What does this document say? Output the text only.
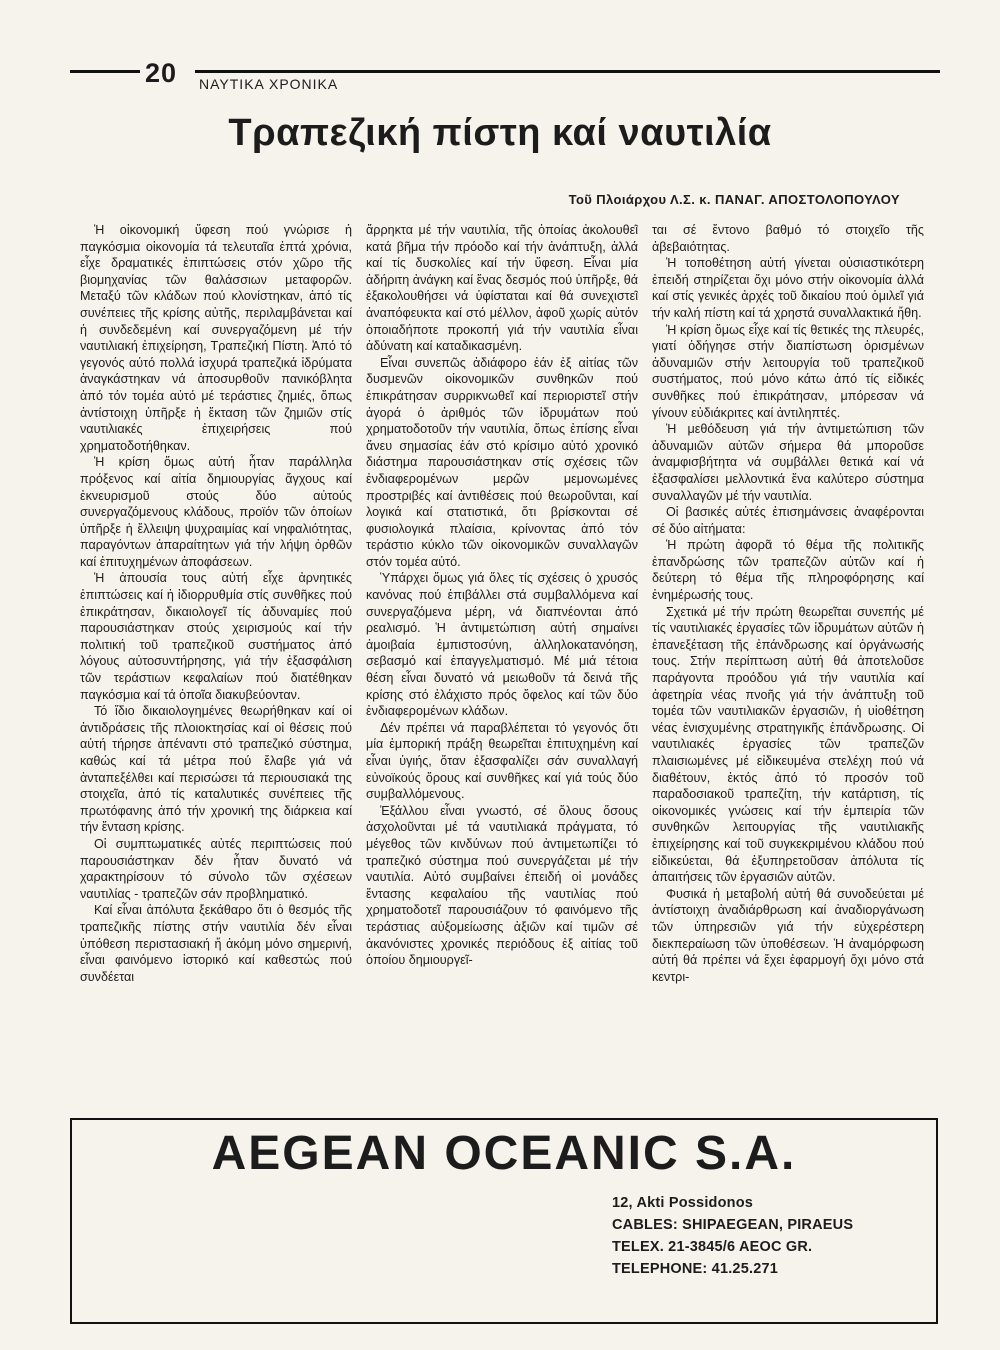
20 ΝΑΥΤΙΚΑ ΧΡΟΝΙΚΑ
Τραπεζική πίστη καί ναυτιλία
Τοῦ Πλοιάρχου Λ.Σ. κ. ΠΑΝΑΓ. ΑΠΟΣΤΟΛΟΠΟΥΛΟΥ

Ἡ οἰκονομική ὕφεση πού γνώρισε ἡ παγκόσμια οἰκονομία τά τελευταῖα ἑπτά χρόνια, εἶχε δραματικές ἐπιπτώσεις στόν χῶρο τῆς βιομηχανίας τῶν θαλάσσιων μεταφορῶν. Μεταξύ τῶν κλάδων πού κλονίστηκαν, ἀπό τίς συνέπειες τῆς κρίσης αὐτῆς, περιλαμβάνεται καί ἡ συνδεδεμένη καί συνεργαζόμενη μέ τήν ναυτιλιακή ἐπιχείρηση, Τραπεζική Πίστη. Ἀπό τό γεγονός αὐτό πολλά ἰσχυρά τραπεζικά ἱδρύματα ἀναγκάστηκαν νά ἀποσυρθοῦν πανικόβλητα ἀπό τόν τομέα αὐτό μέ τεράστιες ζημιές, ὅπως ἀντίστοιχη ὑπῆρξε ἡ ἔκταση τῶν ζημιῶν στίς ναυτιλιακές ἐπιχειρήσεις πού χρηματοδοτήθηκαν.

Ἡ κρίση ὅμως αὐτή ἦταν παράλληλα πρόξενος καί αἰτία δημιουργίας ἄγχους καί ἐκνευρισμοῦ στούς δύο αὐτούς συνεργαζόμενους κλάδους, προϊόν τῶν ὁποίων ὑπῆρξε ἡ ἔλλειψη ψυχραιμίας καί νηφαλιότητας, παραγόντων ἀπαραίτητων γιά τήν λήψη ὀρθῶν καί ἐπιτυχημένων ἀποφάσεων.

Ἡ ἀπουσία τους αὐτή εἶχε ἀρνητικές ἐπιπτώσεις καί ἡ ἰδιορρυθμία στίς συνθῆκες πού ἐπικράτησαν, δικαιολογεῖ τίς ἀδυναμίες πού παρουσιάστηκαν στούς χειρισμούς καί τήν πολιτική τοῦ τραπεζικοῦ συστήματος ἀπό λόγους αὐτοσυντήρησης, γιά τήν ἐξασφάλιση τῶν τεράστιων κεφαλαίων πού διατέθηκαν παγκόσμια καί τά ὁποῖα διακυβεύονταν.

Τό ἴδιο δικαιολογημένες θεωρήθηκαν καί οἱ ἀντιδράσεις τῆς πλοιοκτησίας καί οἱ θέσεις πού αὐτή τήρησε ἀπέναντι στό τραπεζικό σύστημα, καθώς καί τά μέτρα πού ἔλαβε γιά νά ἀνταπεξέλθει καί περισώσει τά περιουσιακά της στοιχεῖα, ἀπό τίς καταλυτικές συνέπειες τῆς πρωτόφανης ἀπό τήν χρονική της διάρκεια καί τήν ἔνταση κρίσης.

Οἱ συμπτωματικές αὐτές περιπτώσεις πού παρουσιάστηκαν δέν ἦταν δυνατό νά χαρακτηρίσουν τό σύνολο τῶν σχέσεων ναυτιλίας - τραπεζῶν σάν προβληματικό.

Καί εἶναι ἀπόλυτα ξεκάθαρο ὅτι ὁ θεσμός τῆς τραπεζικῆς πίστης στήν ναυτιλία δέν εἶναι ὑπόθεση περιστασιακή ἤ ἀκόμη μόνο σημερινή, εἶναι φαινόμενο ἱστορικό καί καθεστώς πού συνδέεται

ἄρρηκτα μέ τήν ναυτιλία, τῆς ὁποίας ἀκολουθεῖ κατά βῆμα τήν πρόοδο καί τήν ἀνάπτυξη, ἀλλά καί τίς δυσκολίες καί τήν ὕφεση. Εἶναι μία ἀδήριτη ἀνάγκη καί ἕνας δεσμός πού ὑπῆρξε, θά ἐξακολουθήσει νά ὑφίσταται καί θά συνεχιστεῖ ἀναπόφευκτα καί στό μέλλον, ἀφοῦ χωρίς αὐτόν ὁποιαδήποτε προκοπή γιά τήν ναυτιλία εἶναι ἀδύνατη καί καταδικασμένη.

Εἶναι συνεπῶς ἀδιάφορο ἐάν ἐξ αἰτίας τῶν δυσμενῶν οἰκονομικῶν συνθηκῶν πού ἐπικράτησαν συρρικνωθεῖ καί περιοριστεῖ στήν ἀγορά ὁ ἀριθμός τῶν ἱδρυμάτων πού χρηματοδοτοῦν τήν ναυτιλία, ὅπως ἐπίσης εἶναι ἄνευ σημασίας ἐάν στό κρίσιμο αὐτό χρονικό διάστημα παρουσιάστηκαν στίς σχέσεις τῶν ἐνδιαφερομένων μερῶν μεμονωμένες προστριβές καί ἀντιθέσεις πού θεωροῦνται, καί λογικά καί στατιστικά, ὅτι βρίσκονται σέ φυσιολογικά πλαίσια, κρίνοντας ἀπό τόν τεράστιο κύκλο τῶν οἰκονομικῶν συναλλαγῶν στόν τομέα αὐτό.

Ὑπάρχει ὅμως γιά ὅλες τίς σχέσεις ὁ χρυσός κανόνας πού ἐπιβάλλει στά συμβαλλόμενα καί συνεργαζόμενα μέρη, νά διαπνέονται ἀπό ρεαλισμό. Ἡ ἀντιμετώπιση αὐτή σημαίνει ἀμοιβαία ἐμπιστοσύνη, ἀλληλοκατανόηση, σεβασμό καί ἐπαγγελματισμό. Μέ μιά τέτοια θέση εἶναι δυνατό νά μειωθοῦν τά δεινά τῆς κρίσης στό ἐλάχιστο πρός ὄφελος καί τῶν δύο ἐνδιαφερομένων κλάδων.

Δέν πρέπει νά παραβλέπεται τό γεγονός ὅτι μία ἐμπορική πράξη θεωρεῖται ἐπιτυχημένη καί εἶναι ὑγιής, ὅταν ἐξασφαλίζει σάν συναλλαγή εὐνοϊκούς ὅρους καί συνθῆκες καί γιά τούς δύο συμβαλλόμενους.

Ἐξάλλου εἶναι γνωστό, σέ ὅλους ὅσους ἀσχολοῦνται μέ τά ναυτιλιακά πράγματα, τό μέγεθος τῶν κινδύνων πού ἀντιμετωπίζει τό τραπεζικό σύστημα πού συνεργάζεται μέ τήν ναυτιλία. Αὐτό συμβαίνει ἐπειδή οἱ μονάδες ἔντασης κεφαλαίου τῆς ναυτιλίας πού χρηματοδοτεῖ παρουσιάζουν τό φαινόμενο τῆς τεράστιας αὐξομείωσης ἀξιῶν καί τιμῶν σέ ἀκανόνιστες χρονικές περιόδους ἐξ αἰτίας τοῦ ὁποίου δημιουργεῖ-

ται σέ ἔντονο βαθμό τό στοιχεῖο τῆς ἀβεβαιότητας.

Ἡ τοποθέτηση αὐτή γίνεται οὐσιαστικότερη ἐπειδή στηρίζεται ὄχι μόνο στήν οἰκονομία ἀλλά καί στίς γενικές ἀρχές τοῦ δικαίου πού ὁμιλεῖ γιά τήν καλή πίστη καί τά χρηστά συναλλακτικά ἤθη.

Ἡ κρίση ὅμως εἶχε καί τίς θετικές της πλευρές, γιατί ὁδήγησε στήν διαπίστωση ὁρισμένων ἀδυναμιῶν στήν λειτουργία τοῦ τραπεζικοῦ συστήματος, πού μόνο κάτω ἀπό τίς εἰδικές συνθῆκες πού ἐπικράτησαν, μπόρεσαν νά γίνουν εὐδιάκριτες καί ἀντιληπτές.

Ἡ μεθόδευση γιά τήν ἀντιμετώπιση τῶν ἀδυναμιῶν αὐτῶν σήμερα θά μποροῦσε ἀναμφισβήτητα νά συμβάλλει θετικά καί νά ἐξασφαλίσει μελλοντικά ἕνα καλύτερο σύστημα συναλλαγῶν μέ τήν ναυτιλία.

Οἱ βασικές αὐτές ἐπισημάνσεις ἀναφέρονται σέ δύο αἰτήματα:

Ἡ πρώτη ἀφορᾶ τό θέμα τῆς πολιτικῆς ἐπανδρώσης τῶν τραπεζῶν αὐτῶν καί ἡ δεύτερη τό θέμα τῆς πληροφόρησης καί ἐνημέρωσής τους.

Σχετικά μέ τήν πρώτη θεωρεῖται συνεπής μέ τίς ναυτιλιακές ἐργασίες τῶν ἱδρυμάτων αὐτῶν ἡ ἐπανεξέταση τῆς ἐπάνδρωσης καί ὀργάνωσής τους. Στήν περίπτωση αὐτή θά ἀποτελοῦσε παράγοντα προόδου γιά τήν ναυτιλία καί ἀφετηρία νέας πνοῆς γιά τήν ἀνάπτυξη τοῦ τομέα τῶν ναυτιλιακῶν ἐργασιῶν, ἡ υἱοθέτηση νέας ἐνισχυμένης στρατηγικῆς ἐπάνδρωσης. Οἱ ναυτιλιακές ἐργασίες τῶν τραπεζῶν πλαισιωμένες μέ εἰδικευμένα στελέχη πού νά διαθέτουν, ἐκτός ἀπό τό προσόν τοῦ παραδοσιακοῦ τραπεζίτη, τήν κατάρτιση, τίς οἰκονομικές γνώσεις καί τήν ἐμπειρία τῶν συνθηκῶν λειτουργίας τῆς ναυτιλιακῆς ἐπιχείρησης καί τοῦ συγκεκριμένου κλάδου πού εἰδικεύεται, θά ἐξυπηρετοῦσαν ἀπόλυτα τίς ἀπαιτήσεις τῶν ἐργασιῶν αὐτῶν.

Φυσικά ἡ μεταβολή αὐτή θά συνοδεύεται μέ ἀντίστοιχη ἀναδιάρθρωση καί ἀναδιοργάνωση τῶν ὑπηρεσιῶν γιά τήν εὐχερέστερη διεκπεραίωση τῶν ὑποθέσεων. Ἡ ἀναμόρφωση αὐτή θά πρέπει νά ἔχει ἐφαρμογή ὄχι μόνο στά κεντρι-

AEGEAN OCEANIC S.A.
12, Akti Possidonos
CABLES: SHIPAEGEAN, PIRAEUS
TELEX. 21-3845/6 AEOC GR.
TELEPHONE: 41.25.271
